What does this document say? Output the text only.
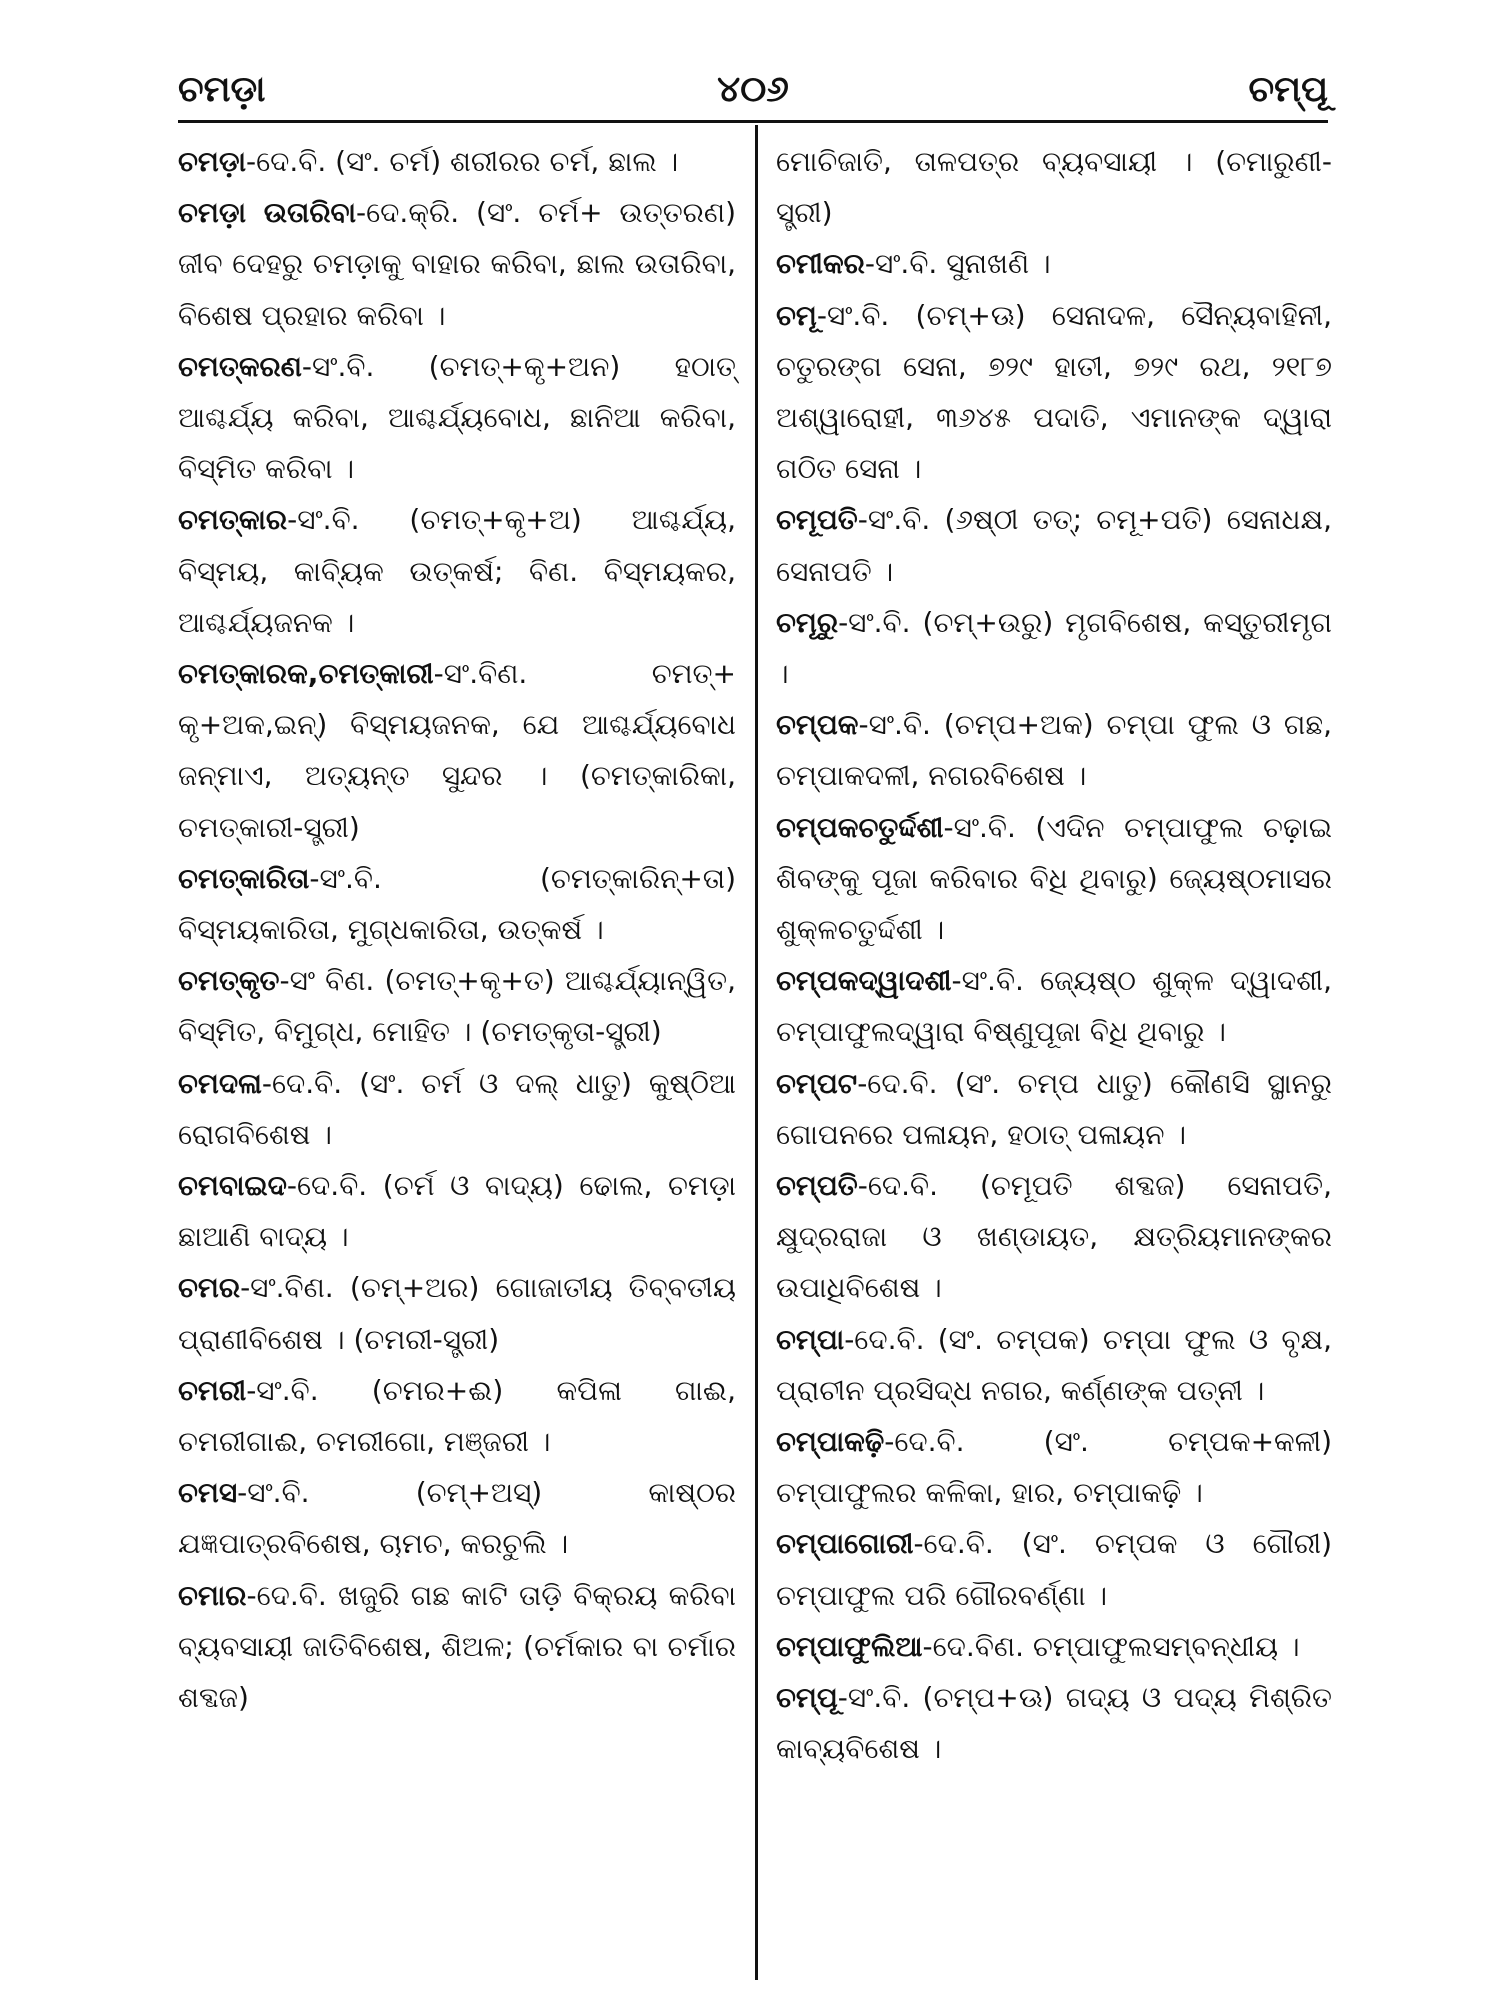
ଚମଡ଼ା	୪୦୬	ଚମ୍ପୂ

ଚମଡ଼ା-ଦେ.ବି. (ସଂ. ଚର୍ମ) ଶରୀରର ଚର୍ମ, ଛାଲ ।

ଚମଡ଼ା ଉତାରିବା-ଦେ.କ୍ରି. (ସଂ. ଚର୍ମ+ ଉତ୍ତରଣ) ଜୀବ ଦେହରୁ ଚମଡ଼ାକୁ ବାହାର କରିବା, ଛାଲ ଉତାରିବା, ବିଶେଷ ପ୍ରହାର କରିବା ।

ଚମତ୍କରଣ-ସଂ.ବି. (ଚମତ୍+କୃ+ଅନ) ହଠାତ୍ ଆଶ୍ଚର୍ଯ୍ୟ କରିବା, ଆଶ୍ଚର୍ଯ୍ୟବୋଧ, ଛାନିଆ କରିବା, ବିସ୍ମିତ କରିବା ।

ଚମତ୍କାର-ସଂ.ବି. (ଚମତ୍+କୃ+ଅ) ଆଶ୍ଚର୍ଯ୍ୟ, ବିସ୍ମୟ, କାବ୍ୟିକ ଉତ୍କର୍ଷ; ବିଣ. ବିସ୍ମୟକର, ଆଶ୍ଚର୍ଯ୍ୟଜନକ ।

ଚମତ୍କାରକ,ଚମତ୍କାରୀ-ସଂ.ବିଣ. ଚମତ୍+ କୃ+ଅକ,ଇନ୍) ବିସ୍ମୟଜନକ, ଯେ ଆଶ୍ଚର୍ଯ୍ୟବୋଧ ଜନ୍ମାଏ, ଅତ୍ୟନ୍ତ ସୁନ୍ଦର । (ଚମତ୍କାରିକା, ଚମତ୍କାରୀ-ସ୍ତ୍ରୀ)

ଚମତ୍କାରିତା-ସଂ.ବି. (ଚମତ୍କାରିନ୍+ତା) ବିସ୍ମୟକାରିତା, ମୁଗ୍ଧକାରିତା, ଉତ୍କର୍ଷ ।

ଚମତ୍କୃତ-ସଂ ବିଣ. (ଚମତ୍+କୃ+ତ) ଆଶ୍ଚର୍ଯ୍ୟାନ୍ୱିତ, ବିସ୍ମିତ, ବିମୁଗ୍ଧ, ମୋହିତ । (ଚମତ୍କୃତା-ସ୍ତ୍ରୀ)

ଚମଦଳା-ଦେ.ବି. (ସଂ. ଚର୍ମ ଓ ଦଲ୍ ଧାତୁ) କୁଷ୍ଠିଆ ରୋଗବିଶେଷ ।

ଚମବାଇଦ-ଦେ.ବି. (ଚର୍ମ ଓ ବାଦ୍ୟ) ଢୋଲ, ଚମଡ଼ା ଛାଆଣି ବାଦ୍ୟ ।

ଚମର-ସଂ.ବିଣ. (ଚମ୍+ଅର) ଗୋଜାତୀୟ ତିବ୍ବତୀୟ ପ୍ରାଣୀବିଶେଷ । (ଚମରୀ-ସ୍ତ୍ରୀ)

ଚମରୀ-ସଂ.ବି. (ଚମର+ଈ) କପିଳା ଗାଈ, ଚମରୀଗାଈ, ଚମରୀଗୋ, ମଞ୍ଜରୀ ।

ଚମସ-ସଂ.ବି. (ଚମ୍+ଅସ୍) କାଷ୍ଠର ଯଜ୍ଞପାତ୍ରବିଶେଷ, ଚାମଚ, କରଚୁଲି ।

ଚମାର-ଦେ.ବି. ଖଜୁରି ଗଛ କାଟି ତାଡ଼ି ବିକ୍ରୟ କରିବା ବ୍ୟବସାୟୀ ଜାତିବିଶେଷ, ଶିଅଳ; (ଚର୍ମକାର ବା ଚର୍ମାର ଶବ୍ଦଜ)

ମୋଚିଜାତି, ତାଳପତ୍ର ବ୍ୟବସାୟୀ । (ଚମାରୁଣୀ-ସ୍ତ୍ରୀ)

ଚମୀକର-ସଂ.ବି. ସୁନାଖଣି ।

ଚମୂ-ସଂ.ବି. (ଚମ୍+ଊ) ସେନାଦଳ, ସୈନ୍ୟବାହିନୀ, ଚତୁରଙ୍ଗ ସେନା, ୭୨୯ ହାତୀ, ୭୨୯ ରଥ, ୨୧୮୭ ଅଶ୍ୱାରୋହୀ, ୩୬୪୫ ପଦାତି, ଏମାନଙ୍କ ଦ୍ୱାରା ଗଠିତ ସେନା ।

ଚମୂପତି-ସଂ.ବି. (୬ଷ୍ଠୀ ତତ୍; ଚମୂ+ପତି) ସେନାଧକ୍ଷ, ସେନାପତି ।

ଚମୂରୁ-ସଂ.ବି. (ଚମ୍+ଉରୁ) ମୃଗବିଶେଷ, କସ୍ତୁରୀମୃଗ ।

ଚମ୍ପକ-ସଂ.ବି. (ଚମ୍ପ+ଅକ) ଚମ୍ପା ଫୁଲ ଓ ଗଛ, ଚମ୍ପାକଦଳୀ, ନଗରବିଶେଷ ।

ଚମ୍ପକଚତୁର୍ଦ୍ଦଶୀ-ସଂ.ବି. (ଏଦିନ ଚମ୍ପାଫୁଲ ଚଢ଼ାଇ ଶିବଙ୍କୁ ପୂଜା କରିବାର ବିଧି ଥିବାରୁ) ଜ୍ୟେଷ୍ଠମାସର ଶୁକ୍ଳଚତୁର୍ଦ୍ଦଶୀ ।

ଚମ୍ପକଦ୍ୱାଦଶୀ-ସଂ.ବି. ଜ୍ୟେଷ୍ଠ ଶୁକ୍ଳ ଦ୍ୱାଦଶୀ, ଚମ୍ପାଫୁଲଦ୍ୱାରା ବିଷ୍ଣୁପୂଜା ବିଧି ଥିବାରୁ ।

ଚମ୍ପଟ-ଦେ.ବି. (ସଂ. ଚମ୍ପ ଧାତୁ) କୌଣସି ସ୍ଥାନରୁ ଗୋପନରେ ପଳାୟନ, ହଠାତ୍ ପଳାୟନ ।

ଚମ୍ପତି-ଦେ.ବି. (ଚମୂପତି ଶବ୍ଦଜ) ସେନାପତି, କ୍ଷୁଦ୍ରରାଜା ଓ ଖଣ୍ଡାୟତ, କ୍ଷତ୍ରିୟମାନଙ୍କର ଉପାଧିବିଶେଷ ।

ଚମ୍ପା-ଦେ.ବି. (ସଂ. ଚମ୍ପକ) ଚମ୍ପା ଫୁଲ ଓ ବୃକ୍ଷ, ପ୍ରାଚୀନ ପ୍ରସିଦ୍ଧ ନଗର, କର୍ଣ୍ଣଙ୍କ ପତ୍ନୀ ।

ଚମ୍ପାକଢ଼ି-ଦେ.ବି. (ସଂ. ଚମ୍ପକ+କଳୀ) ଚମ୍ପାଫୁଲର କଳିକା, ହାର, ଚମ୍ପାକଢ଼ି ।

ଚମ୍ପାଗୋରୀ-ଦେ.ବି. (ସଂ. ଚମ୍ପକ ଓ ଗୌରୀ) ଚମ୍ପାଫୁଲ ପରି ଗୌରବର୍ଣ୍ଣା ।

ଚମ୍ପାଫୁଲିଆ-ଦେ.ବିଣ. ଚମ୍ପାଫୁଲସମ୍ବନ୍ଧୀୟ ।

ଚମ୍ପୂ-ସଂ.ବି. (ଚମ୍ପ+ଊ) ଗଦ୍ୟ ଓ ପଦ୍ୟ ମିଶ୍ରିତ କାବ୍ୟବିଶେଷ ।
